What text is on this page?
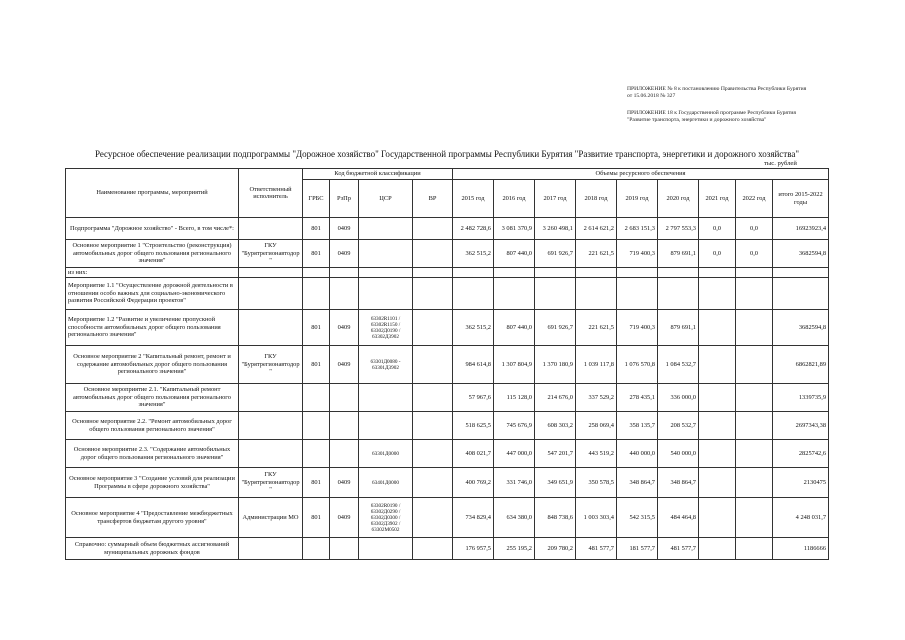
ПРИЛОЖЕНИЕ № 8 к постановлению Правительства Республики Бурятия
от 15.06.2018 № 327
ПРИЛОЖЕНИЕ 18 к Государственной программе Республики Бурятия
"Развитие транспорта, энергетики и дорожного хозяйства"
Ресурсное обеспечение реализации подпрограммы "Дорожное хозяйство" Государственной программы Республики Бурятия "Развитие транспорта, энергетики и дорожного хозяйства"
тыс. рублей
Наименование программы, мероприятий	Ответственный исполнитель	Код бюджетной классификации				Объемы ресурсного обеспечения								
		ГРБС	РзПр	ЦСР	ВР	2015 год	2016 год	2017 год	2018 год	2019 год	2020 год	2021 год	2022 год	итого 2015-2022 годы
Подпрограмма "Дорожное хозяйство" - Всего, в том числе*:		801	0409			2 482 728,6	3 081 370,9	3 260 498,1	2 614 621,2	2 683 151,3	2 797 553,3	0,0	0,0	16923923,4
Основное мероприятие 1 "Строительство (реконструкция) автомобильных дорог общего пользования регионального значения"	ГКУ "Бурятрегионавтодор"	801	0409			362 515,2	807 440,0	691 926,7	221 621,5	719 400,3	879 691,1	0,0	0,0	3682594,8
из них:														
Мероприятие 1.1 "Осуществление дорожной деятельности в отношении особо важных для социально-экономического развития Российской Федерации проектов"														
Мероприятие 1.2 "Развитие и увеличение пропускной способности автомобильных дорог общего пользования регионального значения"		801	0409	63302R1101 / 63302R1150 / 63302Д0190 / 63302Д3902		362 515,2	807 440,0	691 926,7	221 621,5	719 400,3	879 691,1			3682594,8
Основное мероприятие 2 "Капитальный ремонт, ремонт и содержание автомобильных дорог общего пользования регионального значения"	ГКУ "Бурятрегионавтодор"	801	0409	63301Д0080 - 63301Д3902		984 614,8	1 307 804,9	1 370 180,9	1 039 117,8	1 076 570,8	1 084 532,7			6862821,89
Основное мероприятие 2.1. "Капитальный ремонт автомобильных дорог общего пользования регионального значения"						57 967,6	115 128,0	214 676,0	337 529,2	278 435,1	336 000,0			1339735,9
Основное мероприятие 2.2. "Ремонт автомобильных дорог общего пользования регионального значения"						518 625,5	745 676,9	608 303,2	258 069,4	358 135,7	208 532,7			2697343,38
Основное мероприятие 2.3. "Содержание автомобильных дорог общего пользования регионального значения"				63301Д0000		408 021,7	447 000,0	547 201,7	443 519,2	440 000,0	540 000,0			2825742,6
Основное мероприятие 3 "Создание условий для реализации Программы в сфере дорожного хозяйства"	ГКУ "Бурятрегионавтодор"	801	0409	63401Д0000		400 769,2	331 746,0	349 651,9	350 578,5	348 864,7	348 864,7			2130475
Основное мероприятие 4 "Предоставление межбюджетных трансфертов бюджетам другого уровня"	Администрации МО	801	0409	63302R0190 / 63302Д0290 / 63302Д0300 / 63302Д3902 / 63302М0502		734 829,4	634 380,0	848 738,6	1 003 303,4	542 315,5	484 464,8			4 248 031,7
Справочно: суммарный объем бюджетных ассигнований муниципальных дорожных фондов						176 957,5	255 195,2	209 780,2	481 577,7	181 577,7	481 577,7			1186666
